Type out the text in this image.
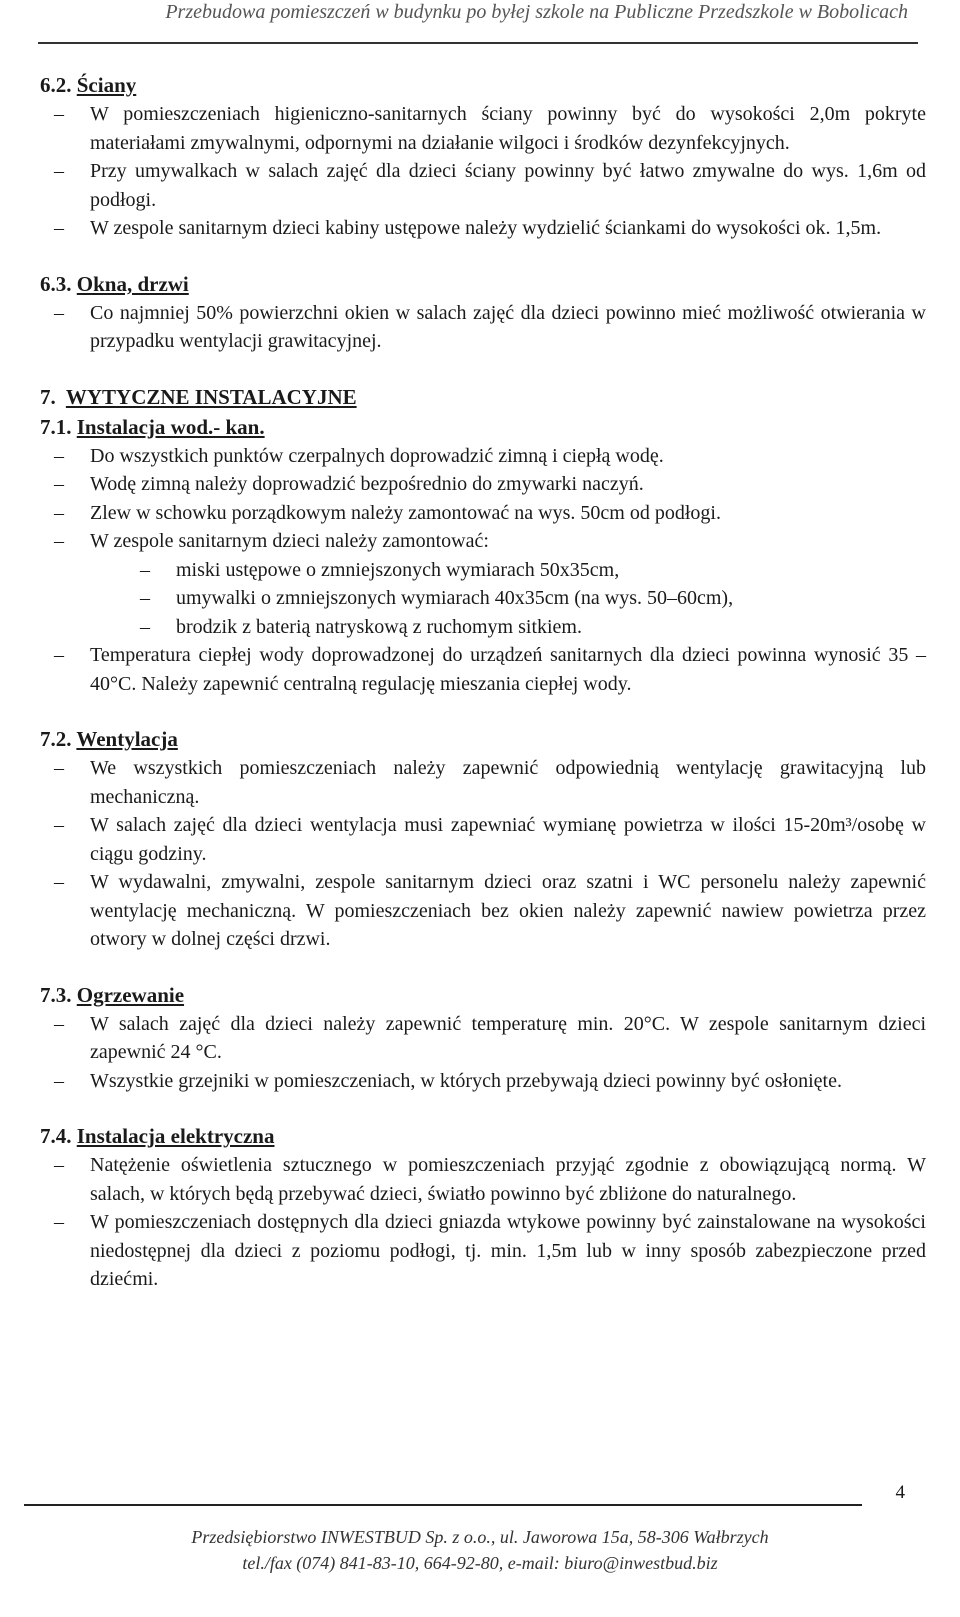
Przebudowa pomieszczeń w budynku po byłej szkole na Publiczne Przedszkole w Bobolicach

6.2. Ściany

– W pomieszczeniach higieniczno-sanitarnych ściany powinny być do wysokości 2,0m pokryte materiałami zmywalnymi, odpornymi na działanie wilgoci i środków dezynfekcyjnych.

– Przy umywalkach w salach zajęć dla dzieci ściany powinny być łatwo zmywalne do wys. 1,6m od podłogi.

– W zespole sanitarnym dzieci kabiny ustępowe należy wydzielić ściankami do wysokości ok. 1,5m.

6.3. Okna, drzwi

– Co najmniej 50% powierzchni okien w salach zajęć dla dzieci powinno mieć możliwość otwierania w przypadku wentylacji grawitacyjnej.

7. WYTYCZNE INSTALACYJNE

7.1. Instalacja wod.- kan.

– Do wszystkich punktów czerpalnych doprowadzić zimną i ciepłą wodę.

– Wodę zimną należy doprowadzić bezpośrednio do zmywarki naczyń.

– Zlew w schowku porządkowym należy zamontować na wys. 50cm od podłogi.

– W zespole sanitarnym dzieci należy zamontować:

– miski ustępowe o zmniejszonych wymiarach 50x35cm,

– umywalki o zmniejszonych wymiarach 40x35cm (na wys. 50–60cm),

– brodzik z baterią natryskową z ruchomym sitkiem.

– Temperatura ciepłej wody doprowadzonej do urządzeń sanitarnych dla dzieci powinna wynosić 35 – 40°C. Należy zapewnić centralną regulację mieszania ciepłej wody.

7.2. Wentylacja

– We wszystkich pomieszczeniach należy zapewnić odpowiednią wentylację grawitacyjną lub mechaniczną.

– W salach zajęć dla dzieci wentylacja musi zapewniać wymianę powietrza w ilości 15-20m³/osobę w ciągu godziny.

– W wydawalni, zmywalni, zespole sanitarnym dzieci oraz szatni i WC personelu należy zapewnić wentylację mechaniczną. W pomieszczeniach bez okien należy zapewnić nawiew powietrza przez otwory w dolnej części drzwi.

7.3. Ogrzewanie

– W salach zajęć dla dzieci należy zapewnić temperaturę min. 20°C. W zespole sanitarnym dzieci zapewnić 24 °C.

– Wszystkie grzejniki w pomieszczeniach, w których przebywają dzieci powinny być osłonięte.

7.4. Instalacja elektryczna

– Natężenie oświetlenia sztucznego w pomieszczeniach przyjąć zgodnie z obowiązującą normą. W salach, w których będą przebywać dzieci, światło powinno być zbliżone do naturalnego.

– W pomieszczeniach dostępnych dla dzieci gniazda wtykowe powinny być zainstalowane na wysokości niedostępnej dla dzieci z poziomu podłogi, tj. min. 1,5m lub w inny sposób zabezpieczone przed dziećmi.

4
Przedsiębiorstwo INWESTBUD Sp. z o.o., ul. Jaworowa 15a, 58-306 Wałbrzych
tel./fax (074) 841-83-10, 664-92-80, e-mail: biuro@inwestbud.biz
